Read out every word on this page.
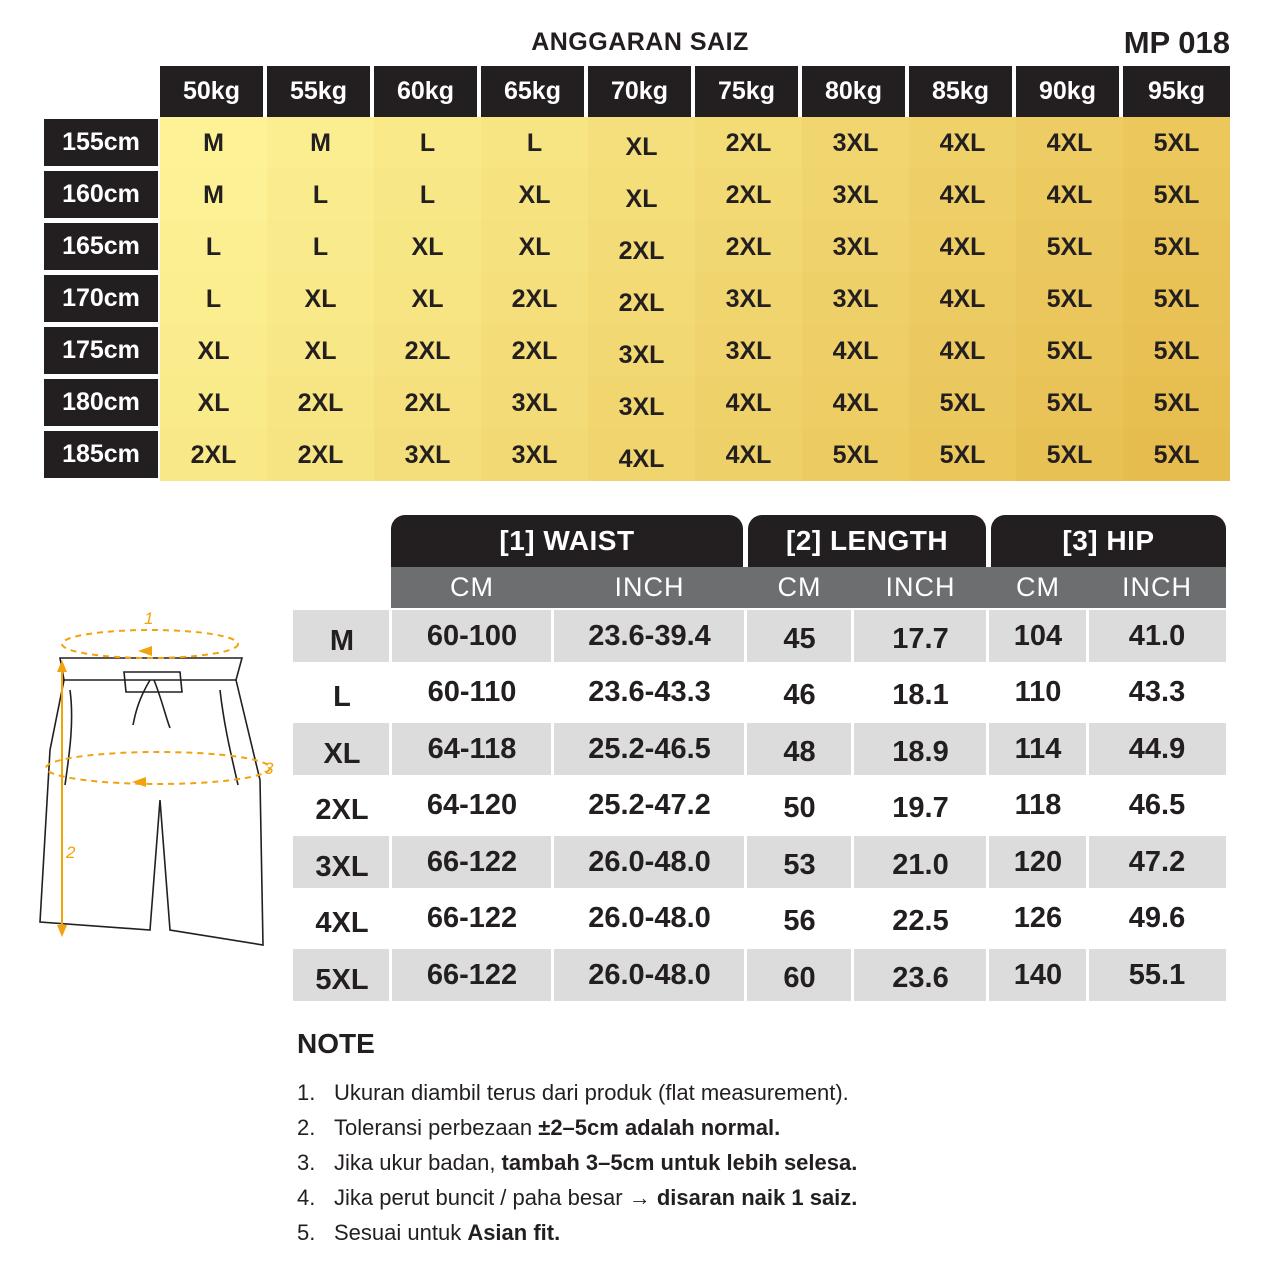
ANGGARAN SAIZ	MP 018
50kg	55kg	60kg	65kg	70kg	75kg	80kg	85kg	90kg	95kg
155cm	M	M	L	L	XL	2XL	3XL	4XL	4XL	5XL
160cm	M	L	L	XL	XL	2XL	3XL	4XL	4XL	5XL
165cm	L	L	XL	XL	2XL	2XL	3XL	4XL	5XL	5XL
170cm	L	XL	XL	2XL	2XL	3XL	3XL	4XL	5XL	5XL
175cm	XL	XL	2XL	2XL	3XL	3XL	4XL	4XL	5XL	5XL
180cm	XL	2XL	2XL	3XL	3XL	4XL	4XL	5XL	5XL	5XL
185cm	2XL	2XL	3XL	3XL	4XL	4XL	5XL	5XL	5XL	5XL
[1] WAIST	[2] LENGTH	[3] HIP
CM	INCH	CM	INCH	CM	INCH
M	60-100	23.6-39.4	45	17.7	104	41.0
L	60-110	23.6-43.3	46	18.1	110	43.3
XL	64-118	25.2-46.5	48	18.9	114	44.9
2XL	64-120	25.2-47.2	50	19.7	118	46.5
3XL	66-122	26.0-48.0	53	21.0	120	47.2
4XL	66-122	26.0-48.0	56	22.5	126	49.6
5XL	66-122	26.0-48.0	60	23.6	140	55.1
1
2
3
NOTE
1. Ukuran diambil terus dari produk (flat measurement).
2. Toleransi perbezaan ±2–5cm adalah normal.
3. Jika ukur badan, tambah 3–5cm untuk lebih selesa.
4. Jika perut buncit / paha besar → disaran naik 1 saiz.
5. Sesuai untuk Asian fit.
